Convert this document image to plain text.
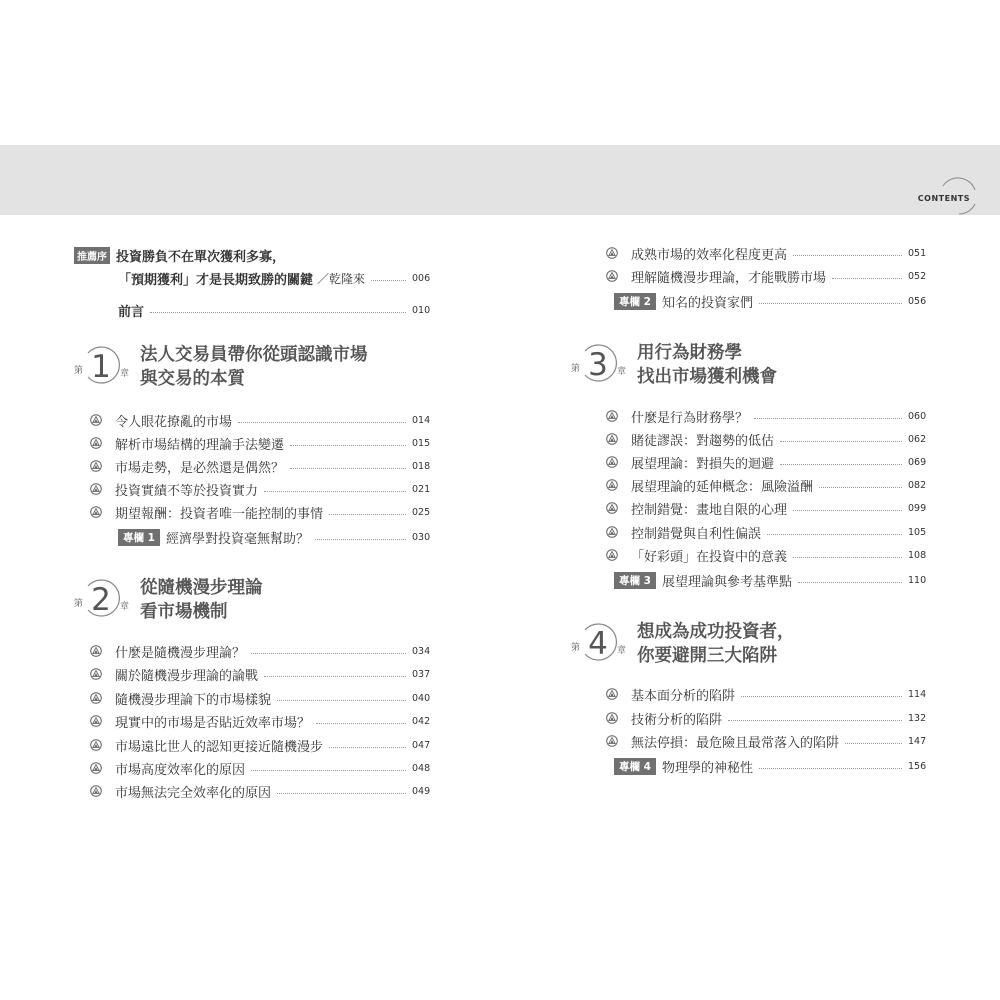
CONTENTS
推薦序 投資勝負不在單次獲利多寡，
「預期獲利」才是長期致勝的關鍵 ／ 乾隆來	006
前言	010
第 1	章
法人交易員帶你從頭認識市場
與交易的本質
令人眼花撩亂的市場	014
解析市場結構的理論手法變遷	015
市場走勢，是必然還是偶然？	018
投資實績不等於投資實力	021
期望報酬：投資者唯一能控制的事情	025
專欄 1 經濟學對投資毫無幫助？	030
第 2	章
從隨機漫步理論
看市場機制
什麼是隨機漫步理論？	034
關於隨機漫步理論的論戰	037
隨機漫步理論下的市場樣貌	040
現實中的市場是否貼近效率市場？	042
市場遠比世人的認知更接近隨機漫步	047
市場高度效率化的原因	048
市場無法完全效率化的原因	049
成熟市場的效率化程度更高	051
理解隨機漫步理論，才能戰勝市場	052
專欄 2 知名的投資家們	056
第 3	章
用行為財務學
找出市場獲利機會
什麼是行為財務學？	060
賭徒謬誤：對趨勢的低估	062
展望理論：對損失的迴避	069
展望理論的延伸概念：風險溢酬	082
控制錯覺：畫地自限的心理	099
控制錯覺與自利性偏誤	105
「好彩頭」在投資中的意義	108
專欄 3 展望理論與參考基準點	110
第 4	章
想成為成功投資者，
你要避開三大陷阱
基本面分析的陷阱	114
技術分析的陷阱	132
無法停損：最危險且最常落入的陷阱	147
專欄 4 物理學的神秘性	156
